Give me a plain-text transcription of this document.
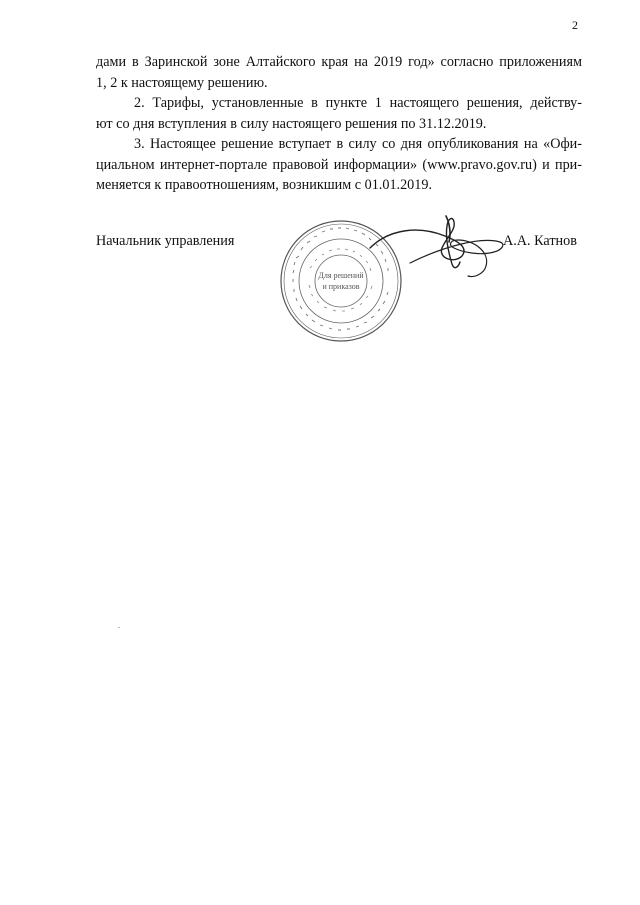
2
дами в Заринской зоне Алтайского края на 2019 год» согласно приложениям
1, 2 к настоящему решению.
2. Тарифы, установленные в пункте 1 настоящего решения, действу-
ют со дня вступления в силу настоящего решения по 31.12.2019.
3. Настоящее решение вступает в силу со дня опубликования на «Офи-
циальном интернет-портале правовой информации» (www.pravo.gov.ru) и при-
меняется к правоотношениям, возникшим с 01.01.2019.
Начальник управления
Для решений
и приказов
А.А. Катнов
